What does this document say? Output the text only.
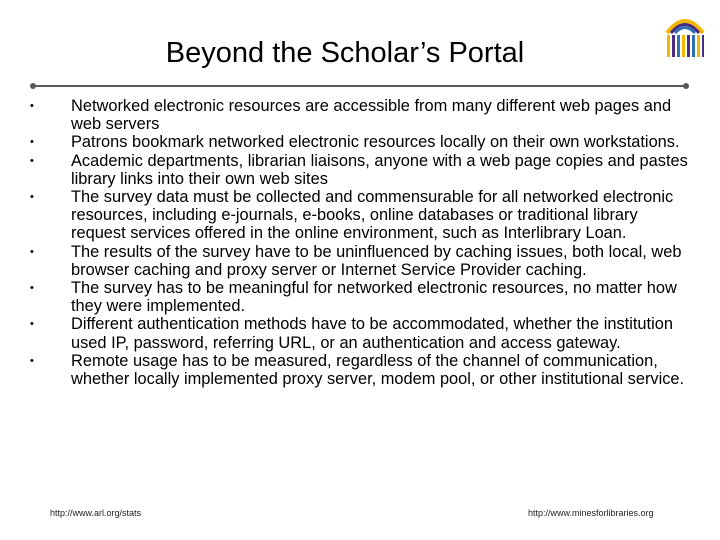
Beyond the Scholar’s Portal
•	Networked electronic resources are accessible from many different web pages and web servers
•	Patrons bookmark networked electronic resources locally on their own workstations.
•	Academic departments, librarian liaisons, anyone with a web page copies and pastes library links into their own web sites
•	The survey data must be collected and commensurable for all networked electronic resources, including e-journals, e-books, online databases or traditional library request services offered in the online environment, such as Interlibrary Loan.
•	The results of the survey have to be uninfluenced by caching issues, both local, web browser caching and proxy server or Internet Service Provider caching.
•	The survey has to be meaningful for networked electronic resources, no matter how they were implemented.
•	Different authentication methods have to be accommodated, whether the institution used IP, password, referring URL, or an authentication and access gateway.
•	Remote usage has to be measured, regardless of the channel of communication, whether locally implemented proxy server, modem pool, or other institutional service.
http://www.arl.org/stats	http://www.minesforlibraries.org
